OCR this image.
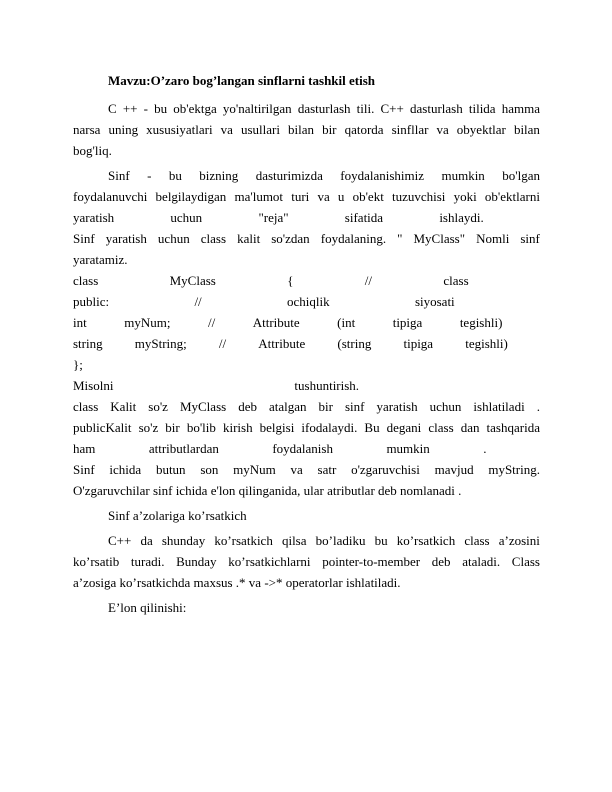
Mavzu:O’zaro bog’langan sinflarni tashkil etish
C ++ - bu ob'ektga yo'naltirilgan dasturlash tili. C++ dasturlash tilida hamma
narsa uning xususiyatlari va usullari bilan bir qatorda sinfllar va obyektlar bilan
bog'liq.
Sinf - bu bizning dasturimizda foydalanishimiz mumkin bo'lgan
foydalanuvchi belgilaydigan ma'lumot turi va u ob'ekt tuzuvchisi yoki ob'ektlarni
yaratish	uchun	"reja"	sifatida	ishlaydi.
Sinf yaratish uchun class kalit so'zdan foydalaning. " MyClass" Nomli sinf
yaratamiz.
class	MyClass	{	//	class
public:	//	ochiqlik	siyosati
int	myNum;	//	Attribute	(int	tipiga	tegishli)
string myString; // Attribute (string tipiga tegishli)
};
Misolni	tushuntirish.
class Kalit so'z MyClass deb atalgan bir sinf yaratish uchun ishlatiladi .
publicKalit so'z bir bo'lib kirish belgisi ifodalaydi. Bu degani class dan tashqarida
ham	attributlardan	foydalanish	mumkin	.
Sinf ichida butun son myNum va satr o'zgaruvchisi mavjud myString.
O'zgaruvchilar sinf ichida e'lon qilinganida, ular atributlar deb nomlanadi .
Sinf a’zolariga ko’rsatkich
C++ da shunday ko’rsatkich qilsa bo’ladiku bu ko’rsatkich class a’zosini
ko’rsatib turadi. Bunday ko’rsatkichlarni pointer-to-member deb ataladi. Class
a’zosiga ko’rsatkichda maxsus .* va ->* operatorlar ishlatiladi.
E’lon qilinishi:
